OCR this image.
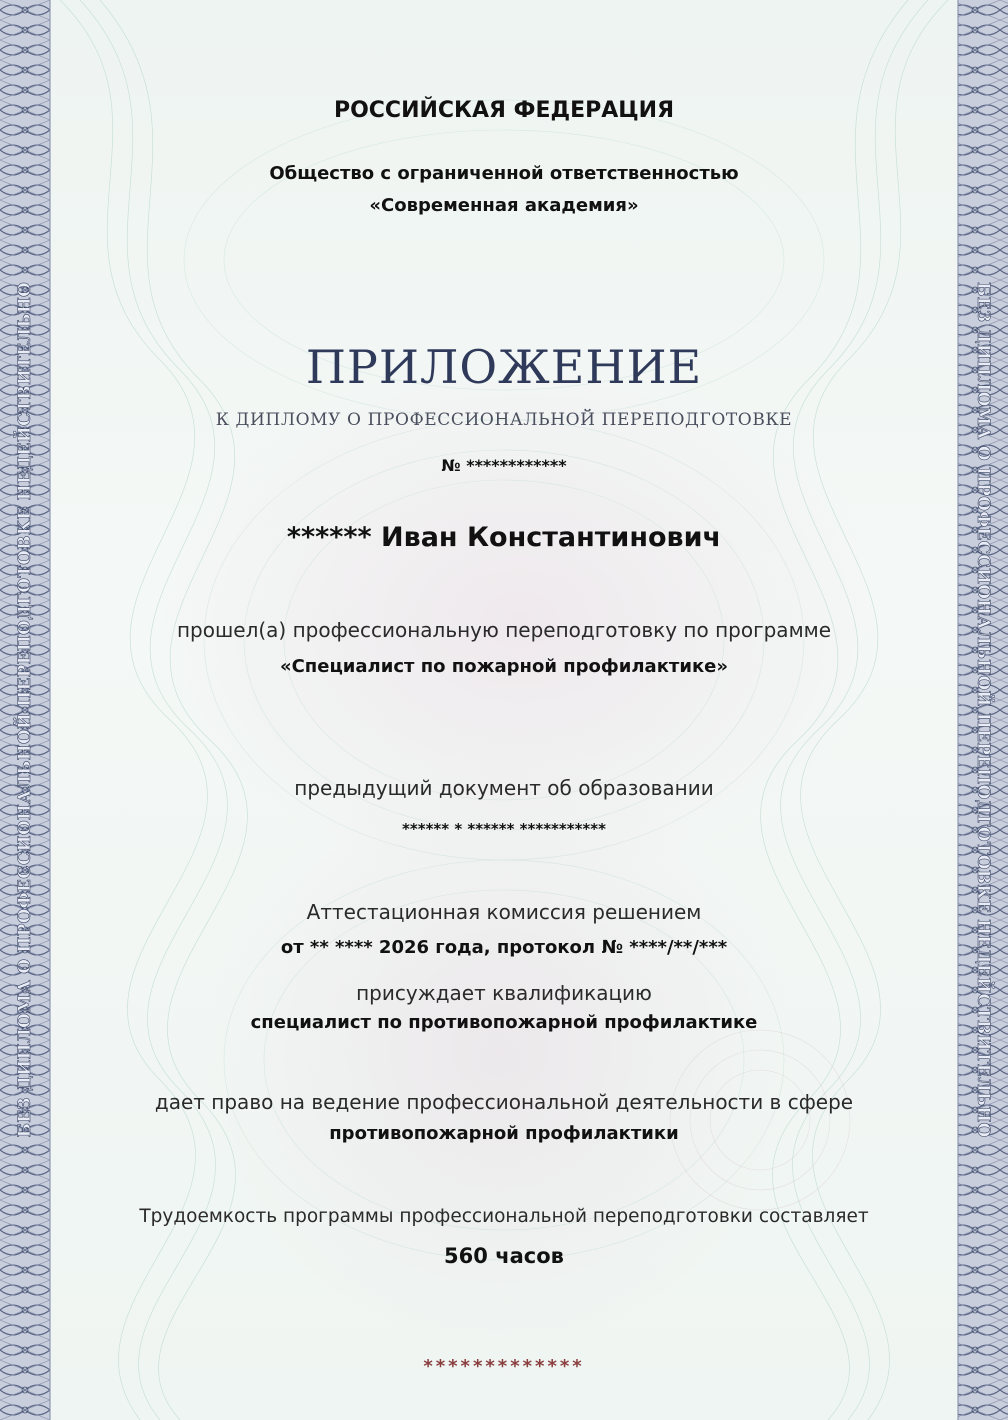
БЕЗ ДИПЛОМА О ПРОФЕССИОНАЛЬНОЙ ПЕРЕПОДГОТОВКЕ НЕДЕЙСТВИТЕЛЬНО	БЕЗ ДИПЛОМА О ПРОФЕССИОНАЛЬНОЙ ПЕРЕПОДГОТОВКЕ НЕДЕЙСТВИТЕЛЬНО

РОССИЙСКАЯ ФЕДЕРАЦИЯ

Общество с ограниченной ответственностью

«Современная академия»

ПРИЛОЖЕНИЕ

К ДИПЛОМУ О ПРОФЕССИОНАЛЬНОЙ ПЕРЕПОДГОТОВКЕ

№ ************

****** Иван Константинович

прошел(а) профессиональную переподготовку по программе

«Специалист по пожарной профилактике»

предыдущий документ об образовании

****** * ****** ***********

Аттестационная комиссия решением

от ** **** 2026 года, протокол № ****/**/***

присуждает квалификацию

специалист по противопожарной профилактике

дает право на ведение профессиональной деятельности в сфере

противопожарной профилактики

Трудоемкость программы профессиональной переподготовки составляет

560 часов

*************
